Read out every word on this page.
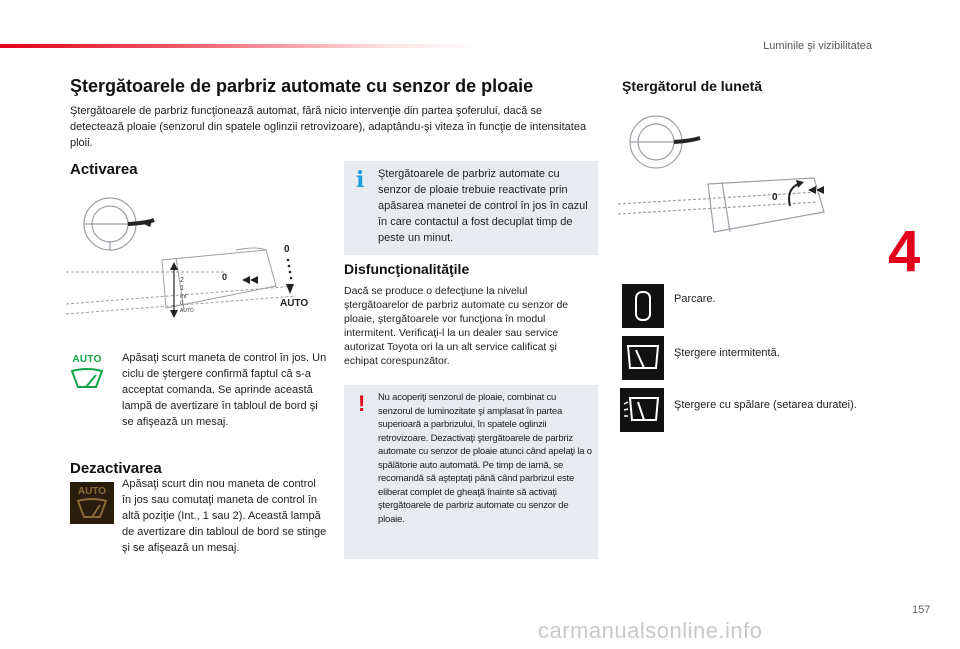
Luminile şi vizibilitatea
4
Ştergătoarele de parbriz automate cu senzor de ploaie
Ştergătoarele de parbriz funcţionează automat, fără nicio intervenţie din partea şoferului, dacă se detectează ploaie (senzorul din spatele oglinzii retrovizoare), adaptându-şi viteza în funcţie de intensitatea ploii.
Activarea
2
1
Int
0
AUTO
0
0
AUTO
AUTO	Apăsaţi scurt maneta de control în jos. Un ciclu de ştergere confirmă faptul că s-a acceptat comanda. Se aprinde această lampă de avertizare în tabloul de bord şi se afişează un mesaj.
Dezactivarea
AUTO
Apăsaţi scurt din nou maneta de control în jos sau comutaţi maneta de control în altă poziţie (Int., 1 sau 2). Această lampă de avertizare din tabloul de bord se stinge şi se afişează un mesaj.
i Ştergătoarele de parbriz automate cu senzor de ploaie trebuie reactivate prin apăsarea manetei de control în jos în cazul în care contactul a fost decuplat timp de peste un minut.
Disfuncţionalităţile
Dacă se produce o defecţiune la nivelul ştergătoarelor de parbriz automate cu senzor de ploaie, ştergătoarele vor funcţiona în modul intermitent. Verificaţi-l la un dealer sau service autorizat Toyota ori la un alt service calificat şi echipat corespunzător.
! Nu acoperiţi senzorul de ploaie, combinat cu senzorul de luminozitate şi amplasat în partea superioară a parbrizului, în spatele oglinzii retrovizoare. Dezactivaţi ştergătoarele de parbriz automate cu senzor de ploaie atunci când apelaţi la o spălătorie auto automată. Pe timp de iarnă, se recomandă să aşteptaţi până când parbrizul este eliberat complet de gheaţă înainte să activaţi ştergătoarele de parbriz automate cu senzor de ploaie.
Ştergătorul de lunetă
0
Parcare.
Ştergere intermitentă.
Ştergere cu spălare (setarea duratei).
157
carmanualsonline.info
